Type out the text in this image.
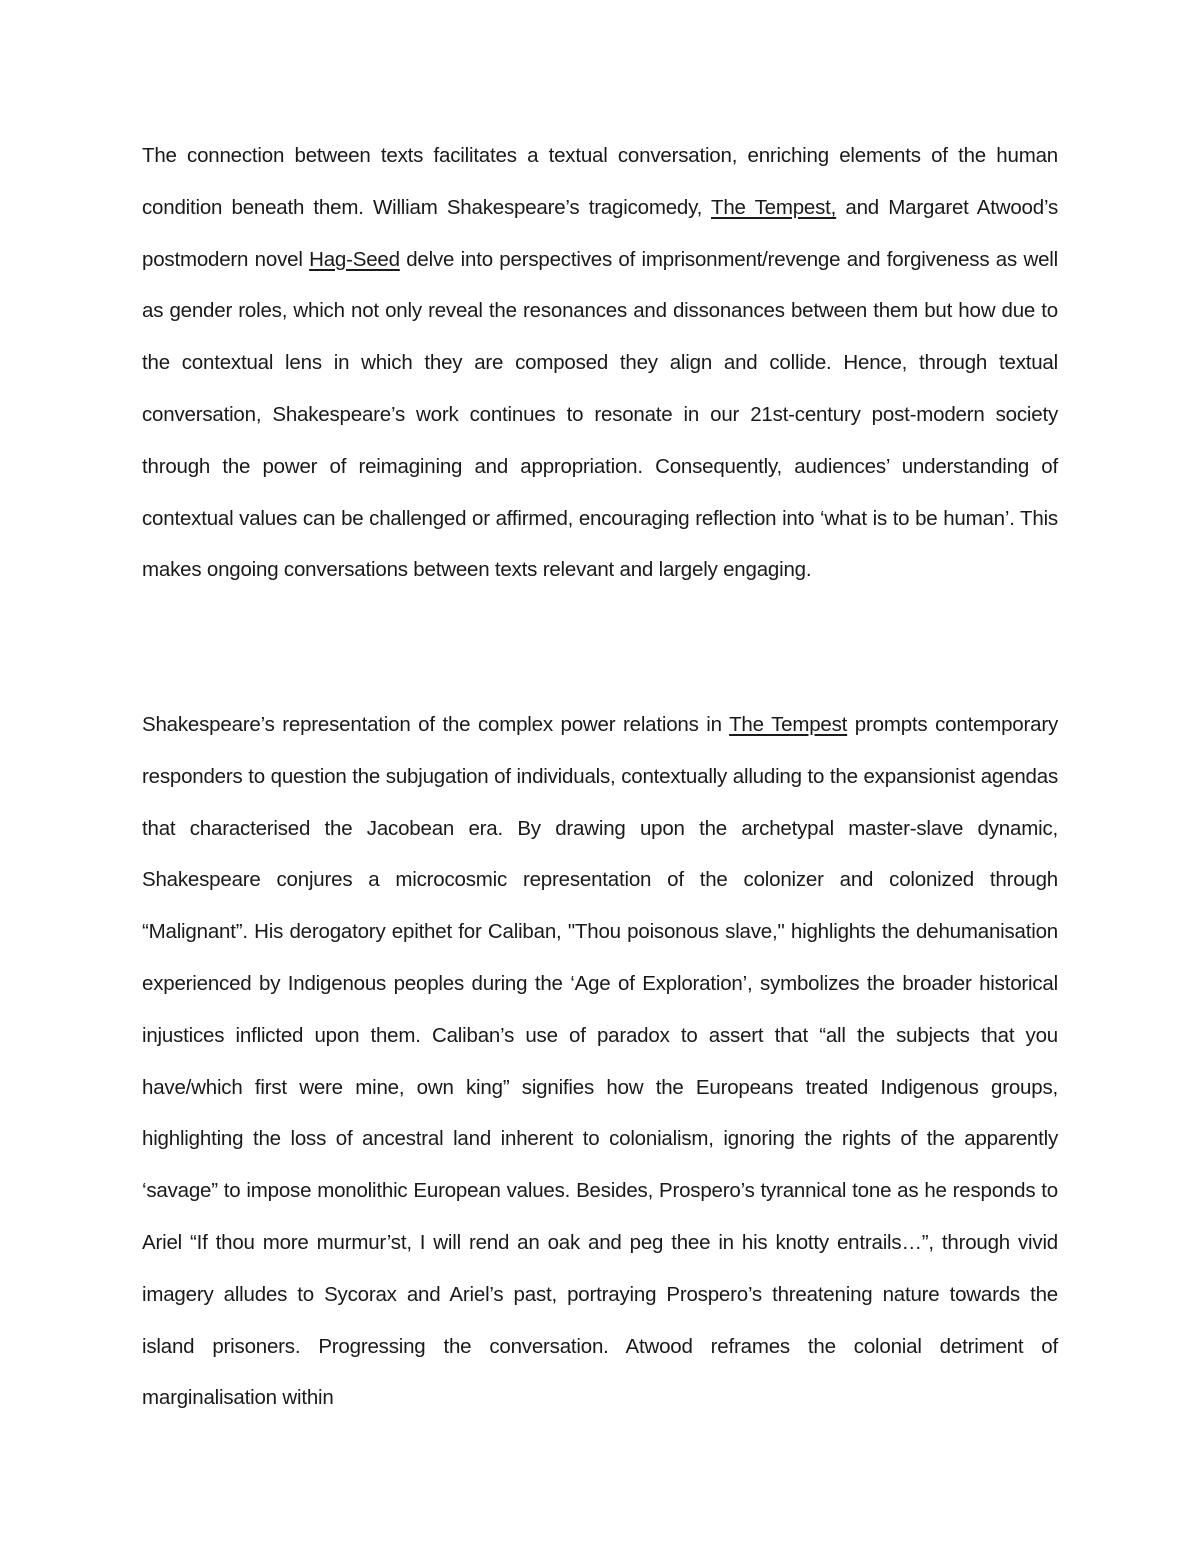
The connection between texts facilitates a textual conversation, enriching elements of the human condition beneath them. William Shakespeare’s tragicomedy, The Tempest, and Margaret Atwood’s postmodern novel Hag-Seed delve into perspectives of imprisonment/revenge and forgiveness as well as gender roles, which not only reveal the resonances and dissonances between them but how due to the contextual lens in which they are composed they align and collide. Hence, through textual conversation, Shakespeare’s work continues to resonate in our 21st-century post-modern society through the power of reimagining and appropriation. Consequently, audiences’ understanding of contextual values can be challenged or affirmed, encouraging reflection into ‘what is to be human’. This makes ongoing conversations between texts relevant and largely engaging.

Shakespeare’s representation of the complex power relations in The Tempest prompts contemporary responders to question the subjugation of individuals, contextually alluding to the expansionist agendas that characterised the Jacobean era. By drawing upon the archetypal master-slave dynamic, Shakespeare conjures a microcosmic representation of the colonizer and colonized through “Malignant”. His derogatory epithet for Caliban, "Thou poisonous slave," highlights the dehumanisation experienced by Indigenous peoples during the ‘Age of Exploration’, symbolizes the broader historical injustices inflicted upon them. Caliban’s use of paradox to assert that “all the subjects that you have/which first were mine, own king” signifies how the Europeans treated Indigenous groups, highlighting the loss of ancestral land inherent to colonialism, ignoring the rights of the apparently ‘savage” to impose monolithic European values. Besides, Prospero’s tyrannical tone as he responds to Ariel “If thou more murmur’st, I will rend an oak and peg thee in his knotty entrails…”, through vivid imagery alludes to Sycorax and Ariel’s past, portraying Prospero’s threatening nature towards the island prisoners. Progressing the conversation. Atwood reframes the colonial detriment of marginalisation within
